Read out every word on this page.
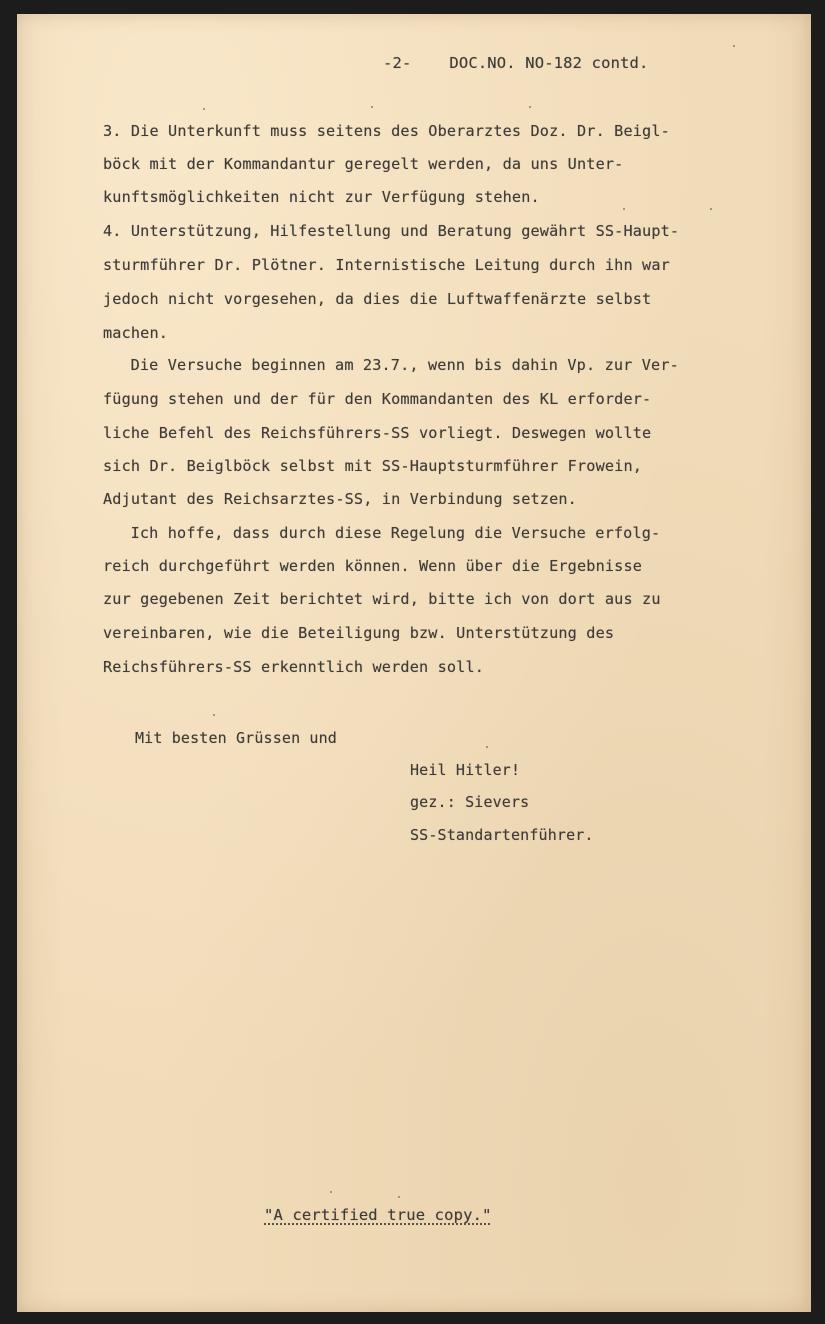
-2-    DOC.NO. NO-182 contd.
3. Die Unterkunft muss seitens des Oberarztes Doz. Dr. Beigl-
böck mit der Kommandantur geregelt werden, da uns Unter-
kunftsmöglichkeiten nicht zur Verfügung stehen.
4. Unterstützung, Hilfestellung und Beratung gewährt SS-Haupt-
sturmführer Dr. Plötner. Internistische Leitung durch ihn war
jedoch nicht vorgesehen, da dies die Luftwaffenärzte selbst
machen.
Die Versuche beginnen am 23.7., wenn bis dahin Vp. zur Ver-
fügung stehen und der für den Kommandanten des KL erforder-
liche Befehl des Reichsführers-SS vorliegt. Deswegen wollte
sich Dr. Beiglböck selbst mit SS-Hauptsturmführer Frowein,
Adjutant des Reichsarztes-SS, in Verbindung setzen.
Ich hoffe, dass durch diese Regelung die Versuche erfolg-
reich durchgeführt werden können. Wenn über die Ergebnisse
zur gegebenen Zeit berichtet wird, bitte ich von dort aus zu
vereinbaren, wie die Beteiligung bzw. Unterstützung des
Reichsführers-SS erkenntlich werden soll.
Mit besten Grüssen und
Heil Hitler!
gez.: Sievers
SS-Standartenführer.
"A certified true copy."
